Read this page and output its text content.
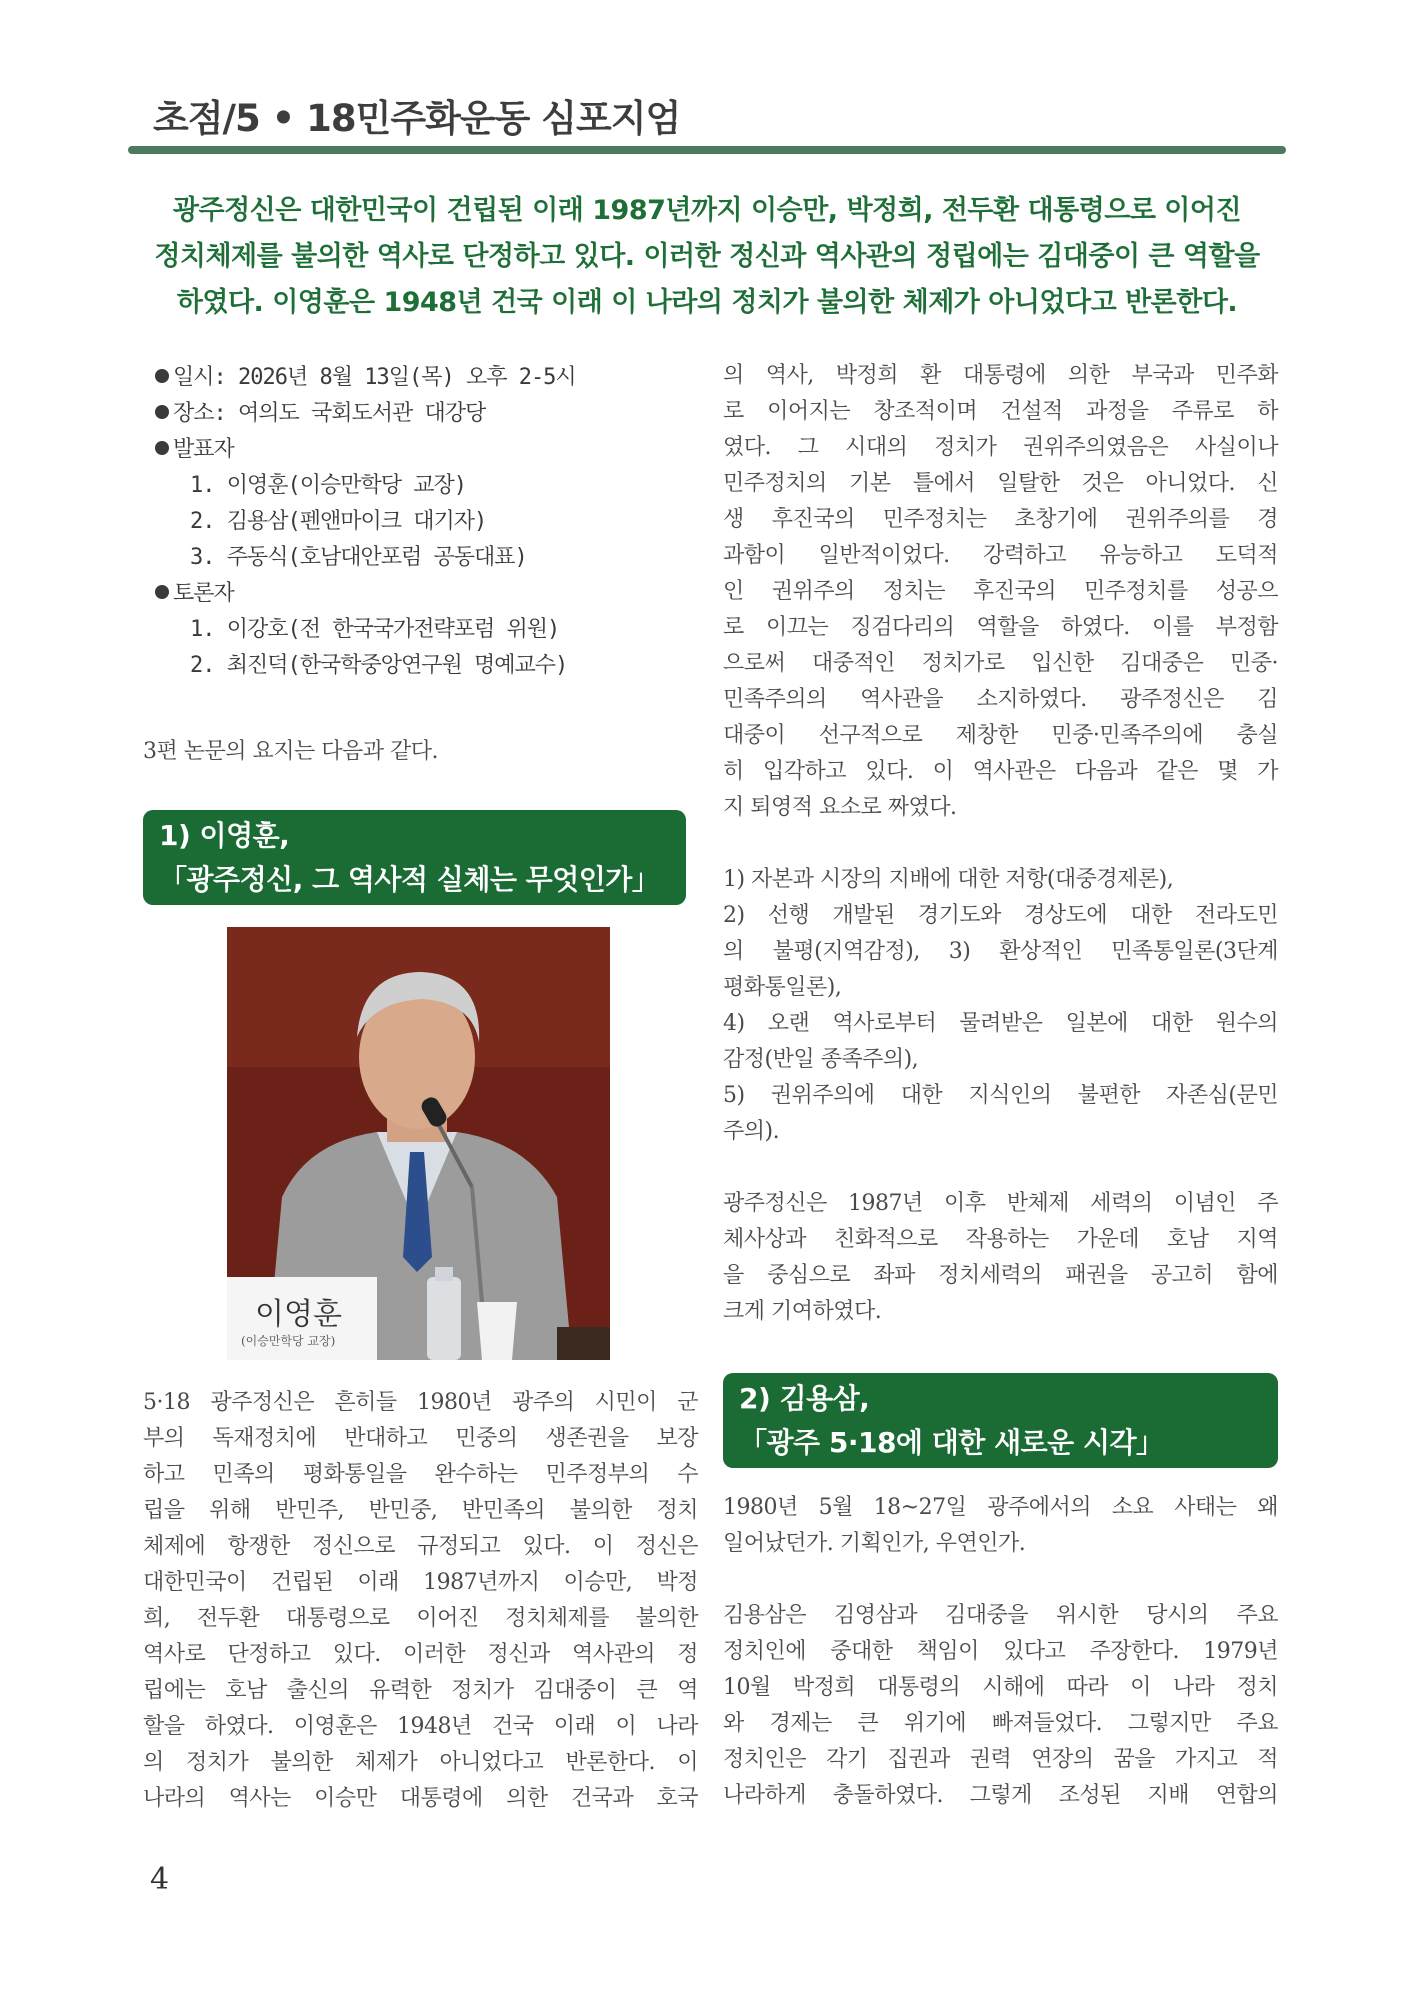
초점/5 • 18민주화운동 심포지엄
광주정신은 대한민국이 건립된 이래 1987년까지 이승만, 박정희, 전두환 대통령으로 이어진
정치체제를 불의한 역사로 단정하고 있다. 이러한 정신과 역사관의 정립에는 김대중이 큰 역할을
하였다. 이영훈은 1948년 건국 이래 이 나라의 정치가 불의한 체제가 아니었다고 반론한다.
일시: 2026년 8월 13일(목) 오후 2-5시
장소: 여의도 국회도서관 대강당
발표자
1. 이영훈(이승만학당 교장)
2. 김용삼(펜앤마이크 대기자)
3. 주동식(호남대안포럼 공동대표)
토론자
1. 이강호(전 한국국가전략포럼 위원)
2. 최진덕(한국학중앙연구원 명예교수)
3편 논문의 요지는 다음과 같다.
1) 이영훈,
「광주정신, 그 역사적 실체는 무엇인가」
이영훈
(이승만학당 교장)
5·18 광주정신은 흔히들 1980년 광주의 시민이 군
부의 독재정치에 반대하고 민중의 생존권을 보장
하고 민족의 평화통일을 완수하는 민주정부의 수
립을 위해 반민주, 반민중, 반민족의 불의한 정치
체제에 항쟁한 정신으로 규정되고 있다. 이 정신은
대한민국이 건립된 이래 1987년까지 이승만, 박정
희, 전두환 대통령으로 이어진 정치체제를 불의한
역사로 단정하고 있다. 이러한 정신과 역사관의 정
립에는 호남 출신의 유력한 정치가 김대중이 큰 역
할을 하였다. 이영훈은 1948년 건국 이래 이 나라
의 정치가 불의한 체제가 아니었다고 반론한다. 이
나라의 역사는 이승만 대통령에 의한 건국과 호국
의 역사, 박정희 환 대통령에 의한 부국과 민주화
로 이어지는 창조적이며 건설적 과정을 주류로 하
였다. 그 시대의 정치가 권위주의였음은 사실이나
민주정치의 기본 틀에서 일탈한 것은 아니었다. 신
생 후진국의 민주정치는 초창기에 권위주의를 경
과함이 일반적이었다. 강력하고 유능하고 도덕적
인 권위주의 정치는 후진국의 민주정치를 성공으
로 이끄는 징검다리의 역할을 하였다. 이를 부정함
으로써 대중적인 정치가로 입신한 김대중은 민중·
민족주의의 역사관을 소지하였다. 광주정신은 김
대중이 선구적으로 제창한 민중·민족주의에 충실
히 입각하고 있다. 이 역사관은 다음과 같은 몇 가
지 퇴영적 요소로 짜였다.
1) 자본과 시장의 지배에 대한 저항(대중경제론),
2) 선행 개발된 경기도와 경상도에 대한 전라도민
의 불평(지역감정), 3) 환상적인 민족통일론(3단계
평화통일론),
4) 오랜 역사로부터 물려받은 일본에 대한 원수의
감정(반일 종족주의),
5) 권위주의에 대한 지식인의 불편한 자존심(문민
주의).
광주정신은 1987년 이후 반체제 세력의 이념인 주
체사상과 친화적으로 작용하는 가운데 호남 지역
을 중심으로 좌파 정치세력의 패권을 공고히 함에
크게 기여하였다.
2) 김용삼,
「광주 5·18에 대한 새로운 시각」
1980년 5월 18~27일 광주에서의 소요 사태는 왜
일어났던가. 기획인가, 우연인가.
김용삼은 김영삼과 김대중을 위시한 당시의 주요
정치인에 중대한 책임이 있다고 주장한다. 1979년
10월 박정희 대통령의 시해에 따라 이 나라 정치
와 경제는 큰 위기에 빠져들었다. 그렇지만 주요
정치인은 각기 집권과 권력 연장의 꿈을 가지고 적
나라하게 충돌하였다. 그렇게 조성된 지배 연합의
4
